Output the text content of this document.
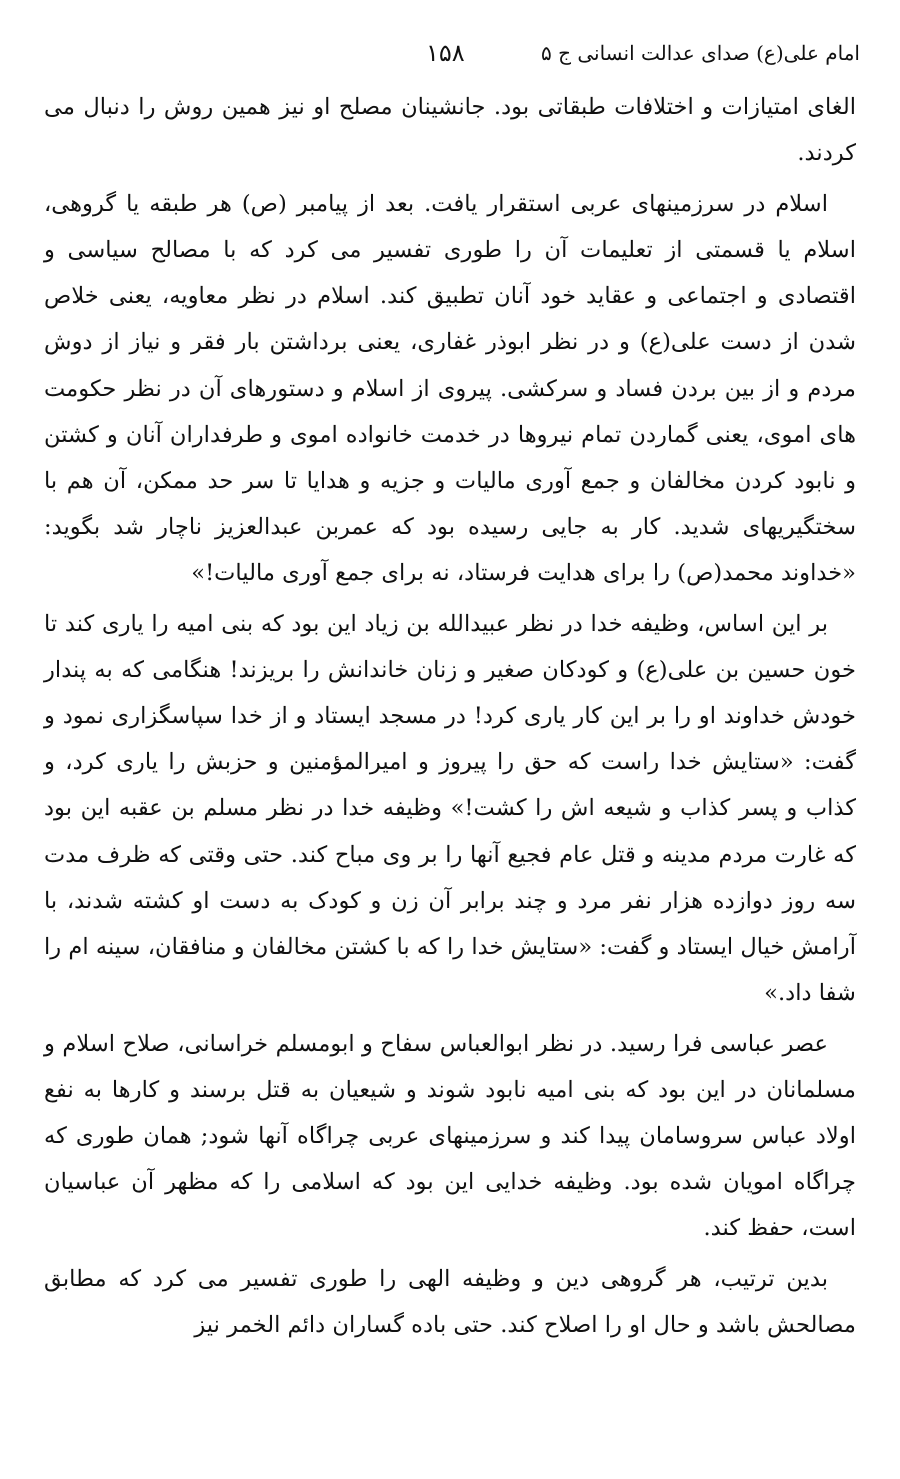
امام علی(ع) صدای عدالت انسانی ج ۵
۱۵۸

الغای امتیازات و اختلافات طبقاتی بود. جانشینان مصلح او نیز همین روش را دنبال می کردند.

اسلام در سرزمینهای عربی استقرار یافت. بعد از پیامبر (ص) هر طبقه یا گروهی، اسلام یا قسمتی از تعلیمات آن را طوری تفسیر می کرد که با مصالح سیاسی و اقتصادی و اجتماعی و عقاید خود آنان تطبیق کند. اسلام در نظر معاویه، یعنی خلاص شدن از دست علی(ع) و در نظر ابوذر غفاری، یعنی برداشتن بار فقر و نیاز از دوش مردم و از بین بردن فساد و سرکشی. پیروی از اسلام و دستورهای آن در نظر حکومت های اموی، یعنی گماردن تمام نیروها در خدمت خانواده اموی و طرفداران آنان و کشتن و نابود کردن مخالفان و جمع آوری مالیات و جزیه و هدایا تا سر حد ممکن، آن هم با سختگیریهای شدید. کار به جایی رسیده بود که عمربن عبدالعزیز ناچار شد بگوید: «خداوند محمد(ص) را برای هدایت فرستاد، نه برای جمع آوری مالیات!»

بر این اساس، وظیفه خدا در نظر عبیدالله بن زیاد این بود که بنی امیه را یاری کند تا خون حسین بن علی(ع) و کودکان صغیر و زنان خاندانش را بریزند! هنگامی که به پندار خودش خداوند او را بر این کار یاری کرد! در مسجد ایستاد و از خدا سپاسگزاری نمود و گفت: «ستایش خدا راست که حق را پیروز و امیرالمؤمنین و حزبش را یاری کرد، و کذاب و پسر کذاب و شیعه اش را کشت!» وظیفه خدا در نظر مسلم بن عقبه این بود که غارت مردم مدینه و قتل عام فجیع آنها را بر وی مباح کند. حتی وقتی که ظرف مدت سه روز دوازده هزار نفر مرد و چند برابر آن زن و کودک به دست او کشته شدند، با آرامش خیال ایستاد و گفت: «ستایش خدا را که با کشتن مخالفان و منافقان، سینه ام را شفا داد.»

عصر عباسی فرا رسید. در نظر ابوالعباس سفاح و ابومسلم خراسانی، صلاح اسلام و مسلمانان در این بود که بنی امیه نابود شوند و شیعیان به قتل برسند و کارها به نفع اولاد عباس سروسامان پیدا کند و سرزمینهای عربی چراگاه آنها شود; همان طوری که چراگاه امویان شده بود. وظیفه خدایی این بود که اسلامی را که مظهر آن عباسیان است، حفظ کند.

بدین ترتیب، هر گروهی دین و وظیفه الهی را طوری تفسیر می کرد که مطابق مصالحش باشد و حال او را اصلاح کند. حتی باده گساران دائم الخمر نیز
